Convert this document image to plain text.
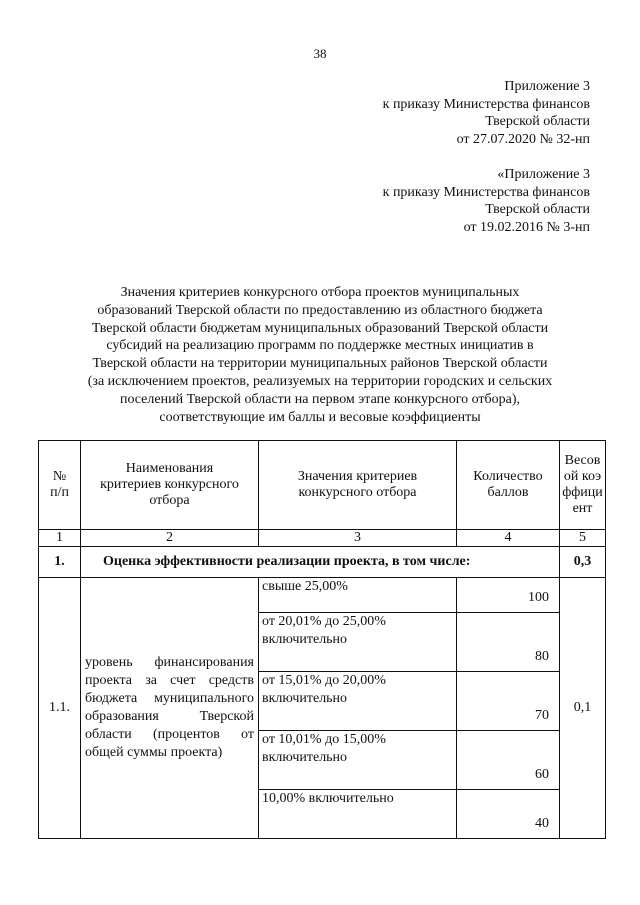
38
Приложение 3
к приказу Министерства финансов
Тверской области
от 27.07.2020 № 32-нп
«Приложение 3
к приказу Министерства финансов
Тверской области
от 19.02.2016 № 3-нп
Значения критериев конкурсного отбора проектов муниципальных
образований Тверской области по предоставлению из областного бюджета
Тверской области бюджетам муниципальных образований Тверской области
субсидий на реализацию программ по поддержке местных инициатив в
Тверской области на территории муниципальных районов Тверской области
(за исключением проектов, реализуемых на территории городских и сельских
поселений Тверской области на первом этапе конкурсного отбора),
соответствующие им баллы и весовые коэффициенты
№ п/п	Наименования критериев конкурсного отбора	Значения критериев конкурсного отбора	Количество баллов	Весовой коэффициент
1	2	3	4	5
1.	Оценка эффективности реализации проекта, в том числе:			0,3
1.1.	уровень финансирования проекта за счет средств бюджета муниципального образования Тверской области (процентов от общей суммы проекта)	свыше 25,00%	100	0,1
		от 20,01% до 25,00% включительно	80	
		от 15,01% до 20,00% включительно	70	
		от 10,01% до 15,00% включительно	60	
		10,00% включительно	40	
